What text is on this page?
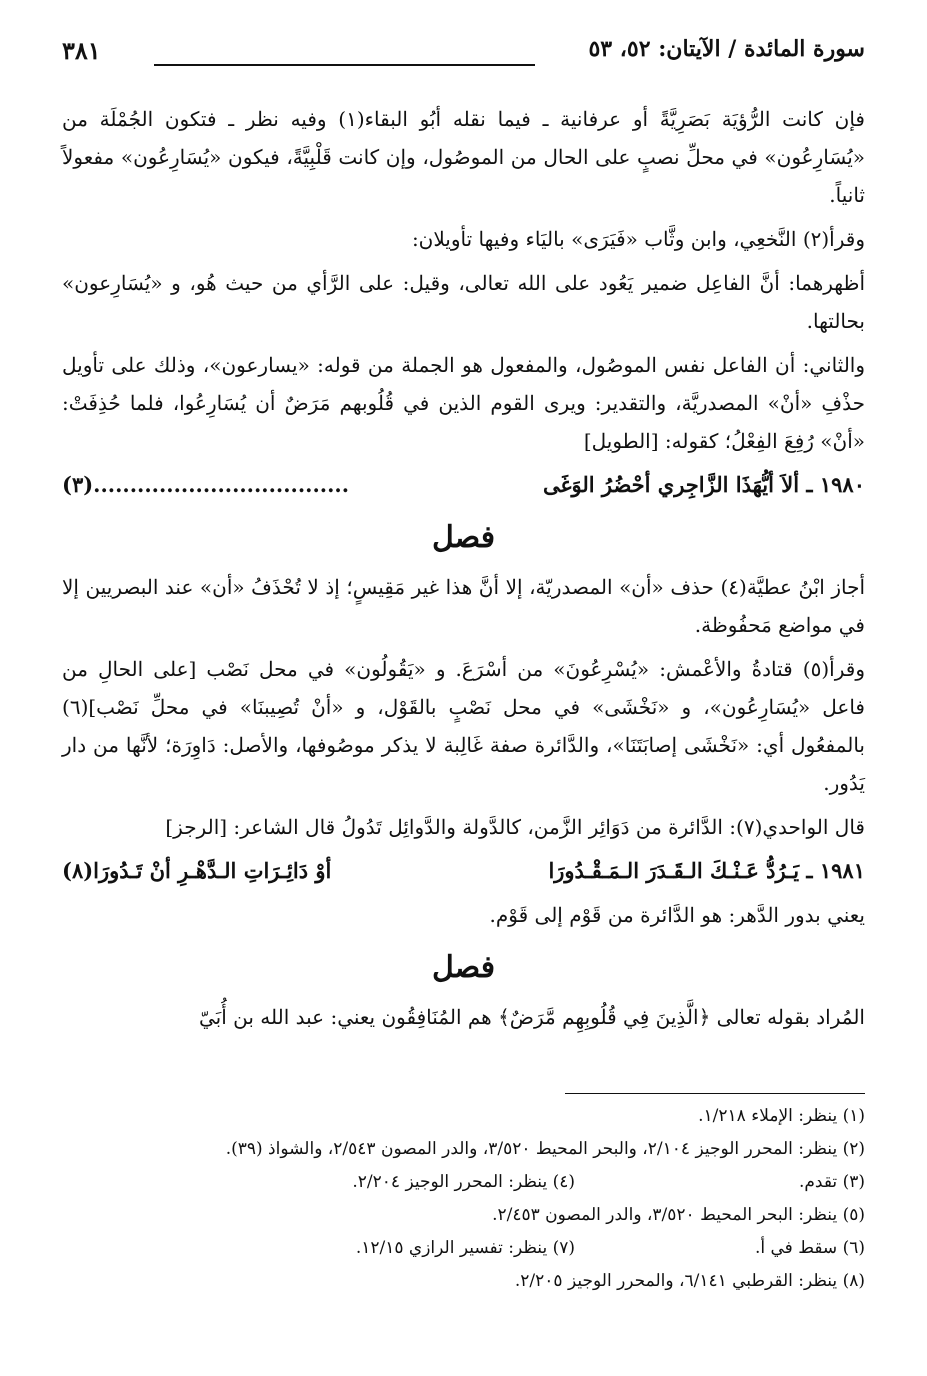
سورة المائدة / الآيتان: ٥٢، ٥٣
٣٨١

فإن كانت الرُّؤيَة بَصَرِيَّةً أو عرفانية ـ فيما نقله أبُو البقاء(١) وفيه نظر ـ فتكون الجُمْلَة من «يُسَارِعُون» في محلِّ نصبٍ على الحال من الموصُول، وإن كانت قَلْبِيَّةً، فيكون «يُسَارِعُون» مفعولاً ثانياً.

وقرأ(٢) النَّخعِي، وابن وثَّاب «فَيَرَى» باليَاء وفيها تأويلان:

أظهرهما: أنَّ الفاعِل ضمير يَعُود على الله تعالى، وقيل: على الرَّأي من حيث هُو، و «يُسَارِعون» بحالتها.

والثاني: أن الفاعل نفس الموصُول، والمفعول هو الجملة من قوله: «يسارعون»، وذلك على تأويل حذْفِ «أنْ» المصدريَّة، والتقدير: ويرى القوم الذين في قُلُوبهم مَرَضٌ أن يُسَارِعُوا، فلما حُذِفَتْ: «أنْ» رُفِعَ الفِعْلُ؛ كقوله: [الطويل]

١٩٨٠ ـ ألاَ أيُّهَذَا الزَّاجِري أحْضُرُ الوَغَى
...................................(٣)
فصل

أجاز ابْنُ عطيَّة(٤) حذف «أن» المصدريّة، إلا أنَّ هذا غير مَقِيسٍ؛ إذ لا تُحْذَفُ «أن» عند البصريين إلا في مواضع مَحفُوظة.

وقرأ(٥) قتادةُ والأعْمش: «يُسْرِعُونَ» من أسْرَعَ. و «يَقُولُون» في محل نَصْب [على الحالِ من فاعل «يُسَارِعُون»، و «نَخْشَى» في محل نَصْبٍ بالقَوْل، و «أنْ تُصِيبنَا» في محلِّ نَصْب](٦) بالمفعُول أي: «نَخْشَى إصابَتَنَا»، والدَّائرة صفة غَالِبة لا يذكر موصُوفها، والأصل: دَاوِرَة؛ لأنَّها من دار يَدُور.

قال الواحدي(٧): الدَّائرة من دَوَائِر الزَّمن، كالدَّولة والدَّوائِل تَدُولُ قال الشاعر: [الرجز]

١٩٨١ ـ يَـرُدُّ عَـنْـكَ الـقَـدَرَ الـمَـقْـدُورَا
أوْ دَائِـرَاتِ الـدَّهْـرِ أنْ تَـدُورَا(٨)

يعني بدور الدَّهر: هو الدَّائرة من قَوْم إلى قَوْم.

فصل

المُراد بقوله تعالى ﴿الَّذِينَ فِي قُلُوبِهِم مَّرَضٌ﴾ هم المُنَافِقُون يعني: عبد الله بن أُبَيّ

(١) ينظر: الإملاء ١/٢١٨.
(٢) ينظر: المحرر الوجيز ٢/١٠٤، والبحر المحيط ٣/٥٢٠، والدر المصون ٢/٥٤٣، والشواذ (٣٩).
(٣) تقدم.
(٤) ينظر: المحرر الوجيز ٢/٢٠٤.
(٥) ينظر: البحر المحيط ٣/٥٢٠، والدر المصون ٢/٤٥٣.
(٦) سقط في أ.
(٧) ينظر: تفسير الرازي ١٢/١٥.
(٨) ينظر: القرطبي ٦/١٤١، والمحرر الوجيز ٢/٢٠٥.
